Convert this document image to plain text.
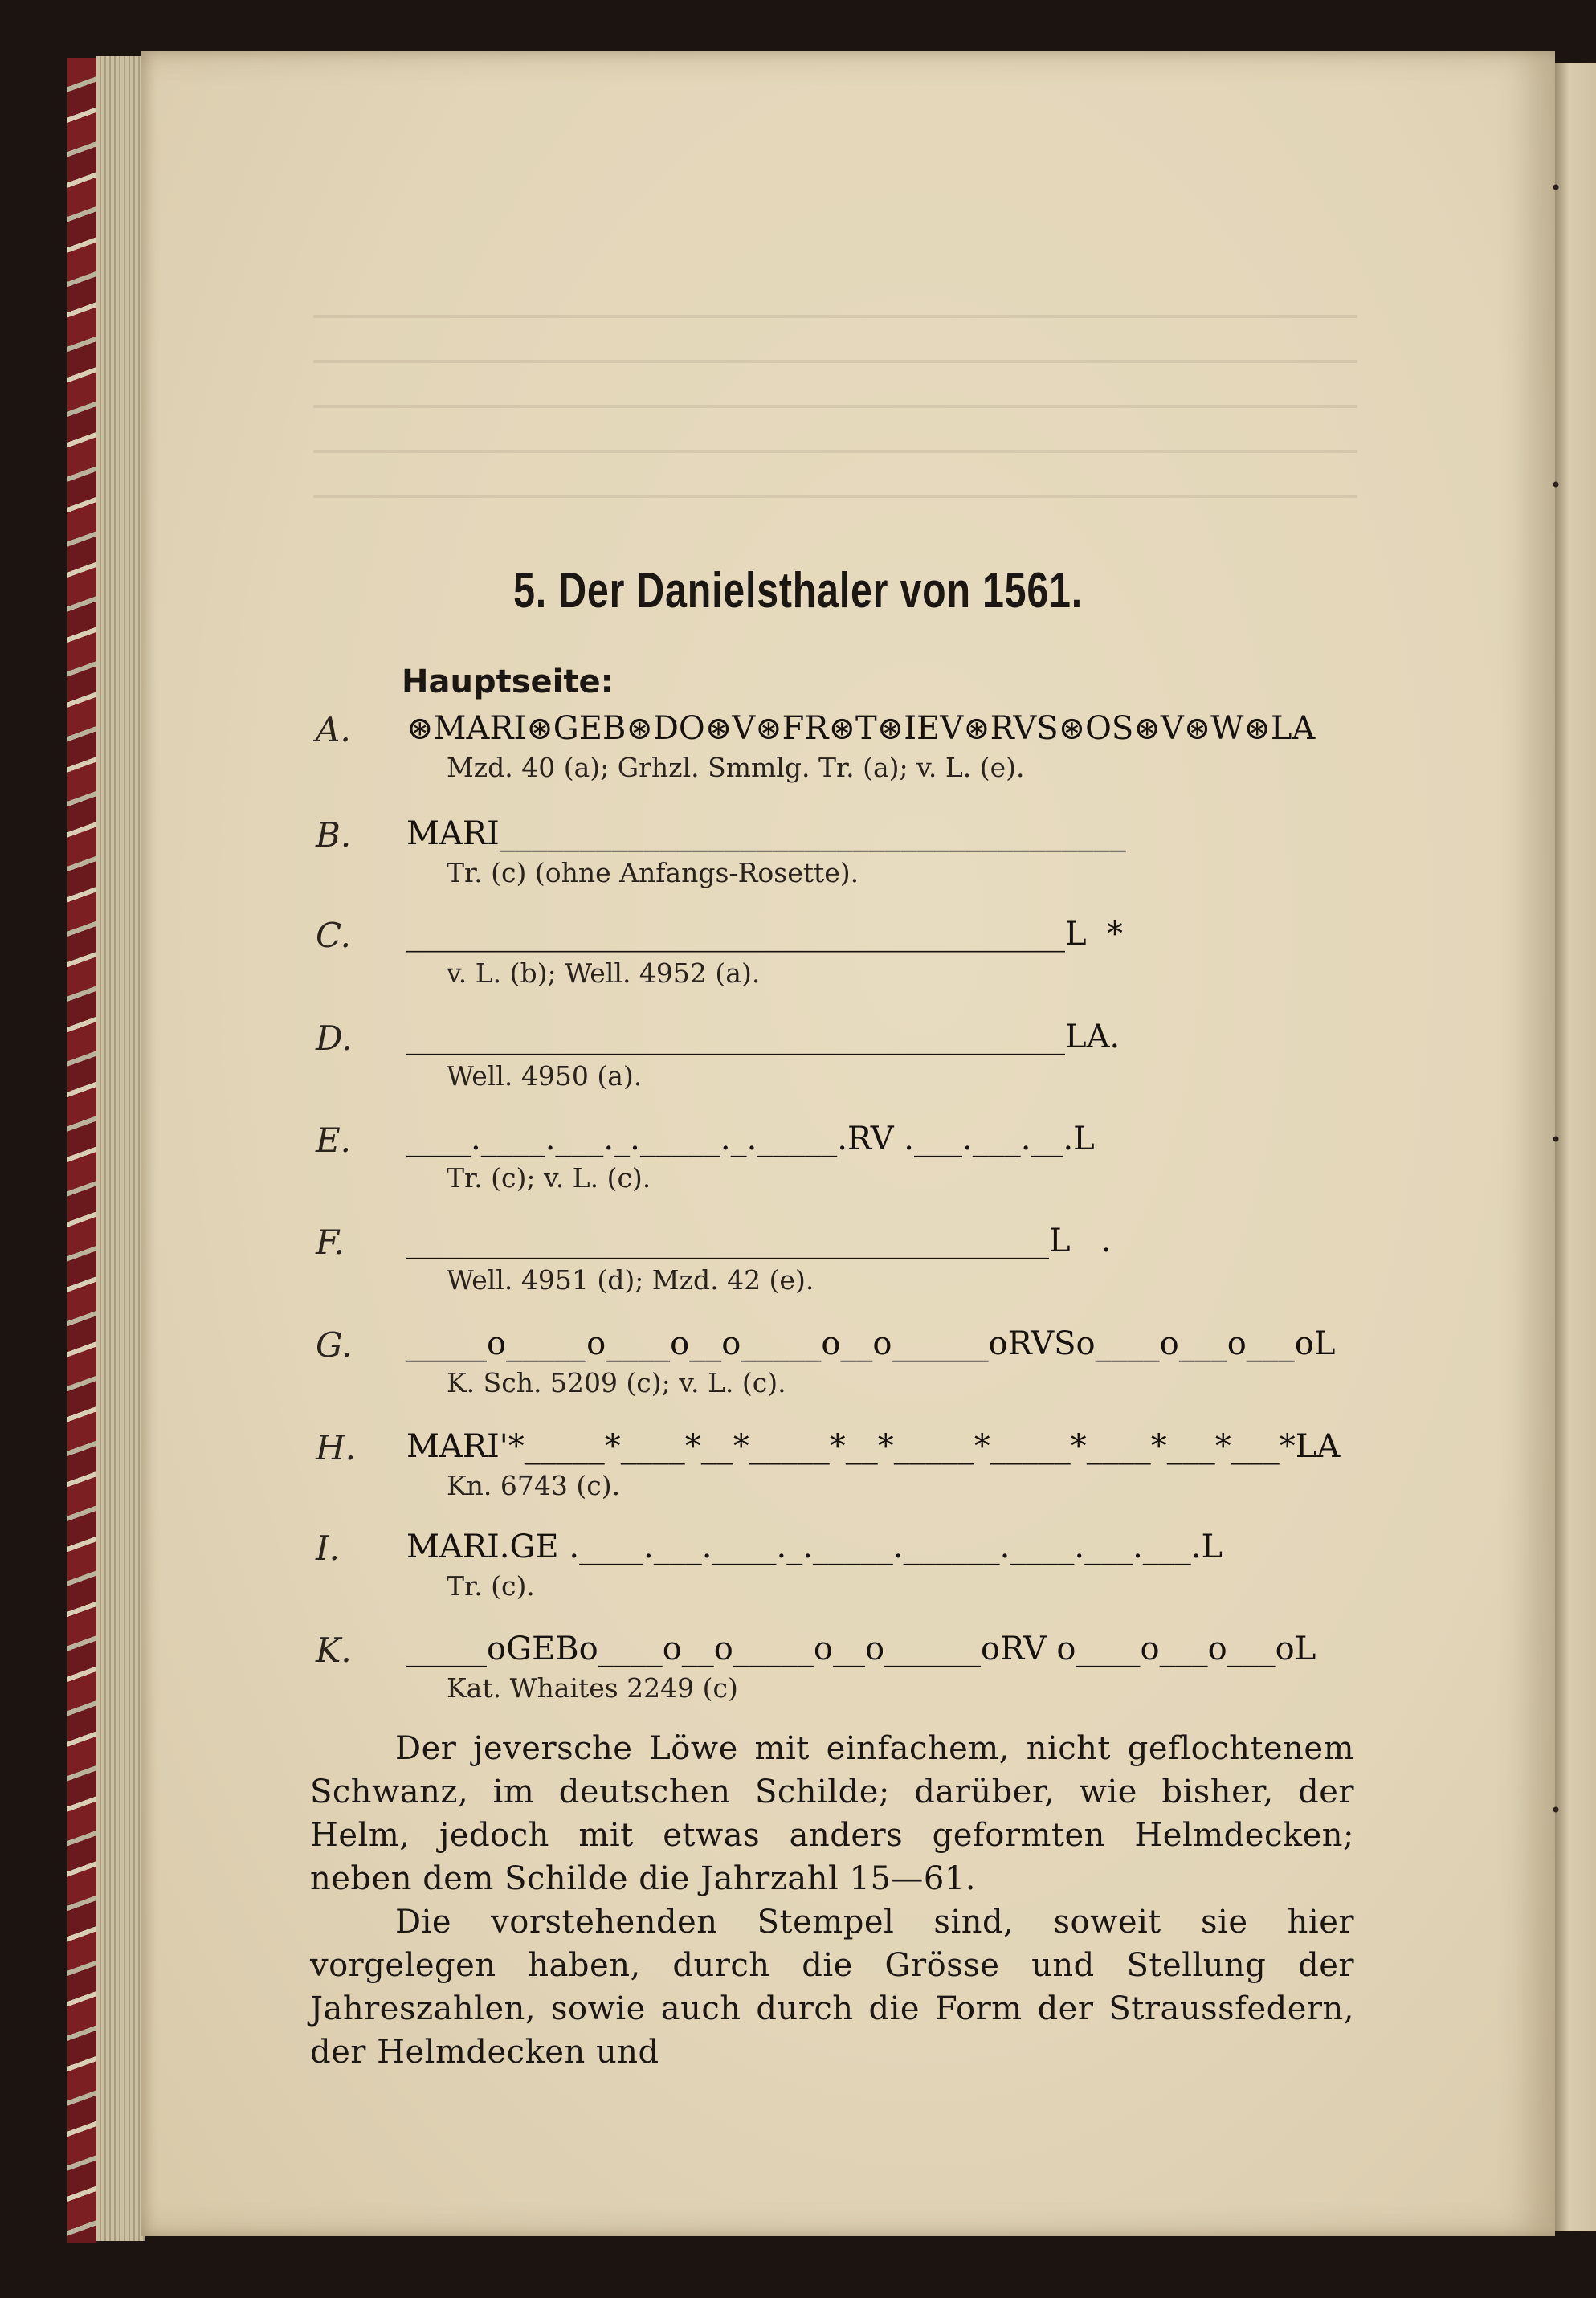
•
•
•
•
5. Der Danielsthaler von 1561.
Hauptseite:
A. ⊛MARI⊛GEB⊛DO⊛V⊛FR⊛T⊛IEV⊛RVS⊛OS⊛V⊛W⊛LA
Mzd. 40 (a); Grhzl. Smmlg. Tr. (a); v. L. (e).
B. MARI_______________________________________
Tr. (c) (ohne Anfangs-Rosette).
C. _________________________________________L  *
v. L. (b); Well. 4952 (a).
D. _________________________________________LA.
Well. 4950 (a).
E. ____.____.___._._____._._____.RV .___.___.__.L
Tr. (c); v. L. (c).
F. ________________________________________L   .
Well. 4951 (d); Mzd. 42 (e).
G. _____o_____o____o__o_____o__o______oRVSo____o___o___oL
K. Sch. 5209 (c); v. L. (c).
H. MARI'*_____*____*__*_____*__*_____*_____*____*___*___*LA
Kn. 6743 (c).
I. MARI.GE .____.___.____._._____.______.____.___.___.L
Tr. (c).
K. _____oGEBo____o__o_____o__o______oRV o____o___o___oL
Kat. Whaites 2249 (c)

Der jeversche Löwe mit einfachem, nicht geflochtenem Schwanz, im deutschen Schilde; darüber, wie bisher, der Helm, jedoch mit etwas anders geformten Helmdecken; neben dem Schilde die Jahrzahl 15—61.

Die vorstehenden Stempel sind, soweit sie hier vorgelegen haben, durch die Grösse und Stellung der Jahreszahlen, sowie auch durch die Form der Straussfedern, der Helmdecken und
